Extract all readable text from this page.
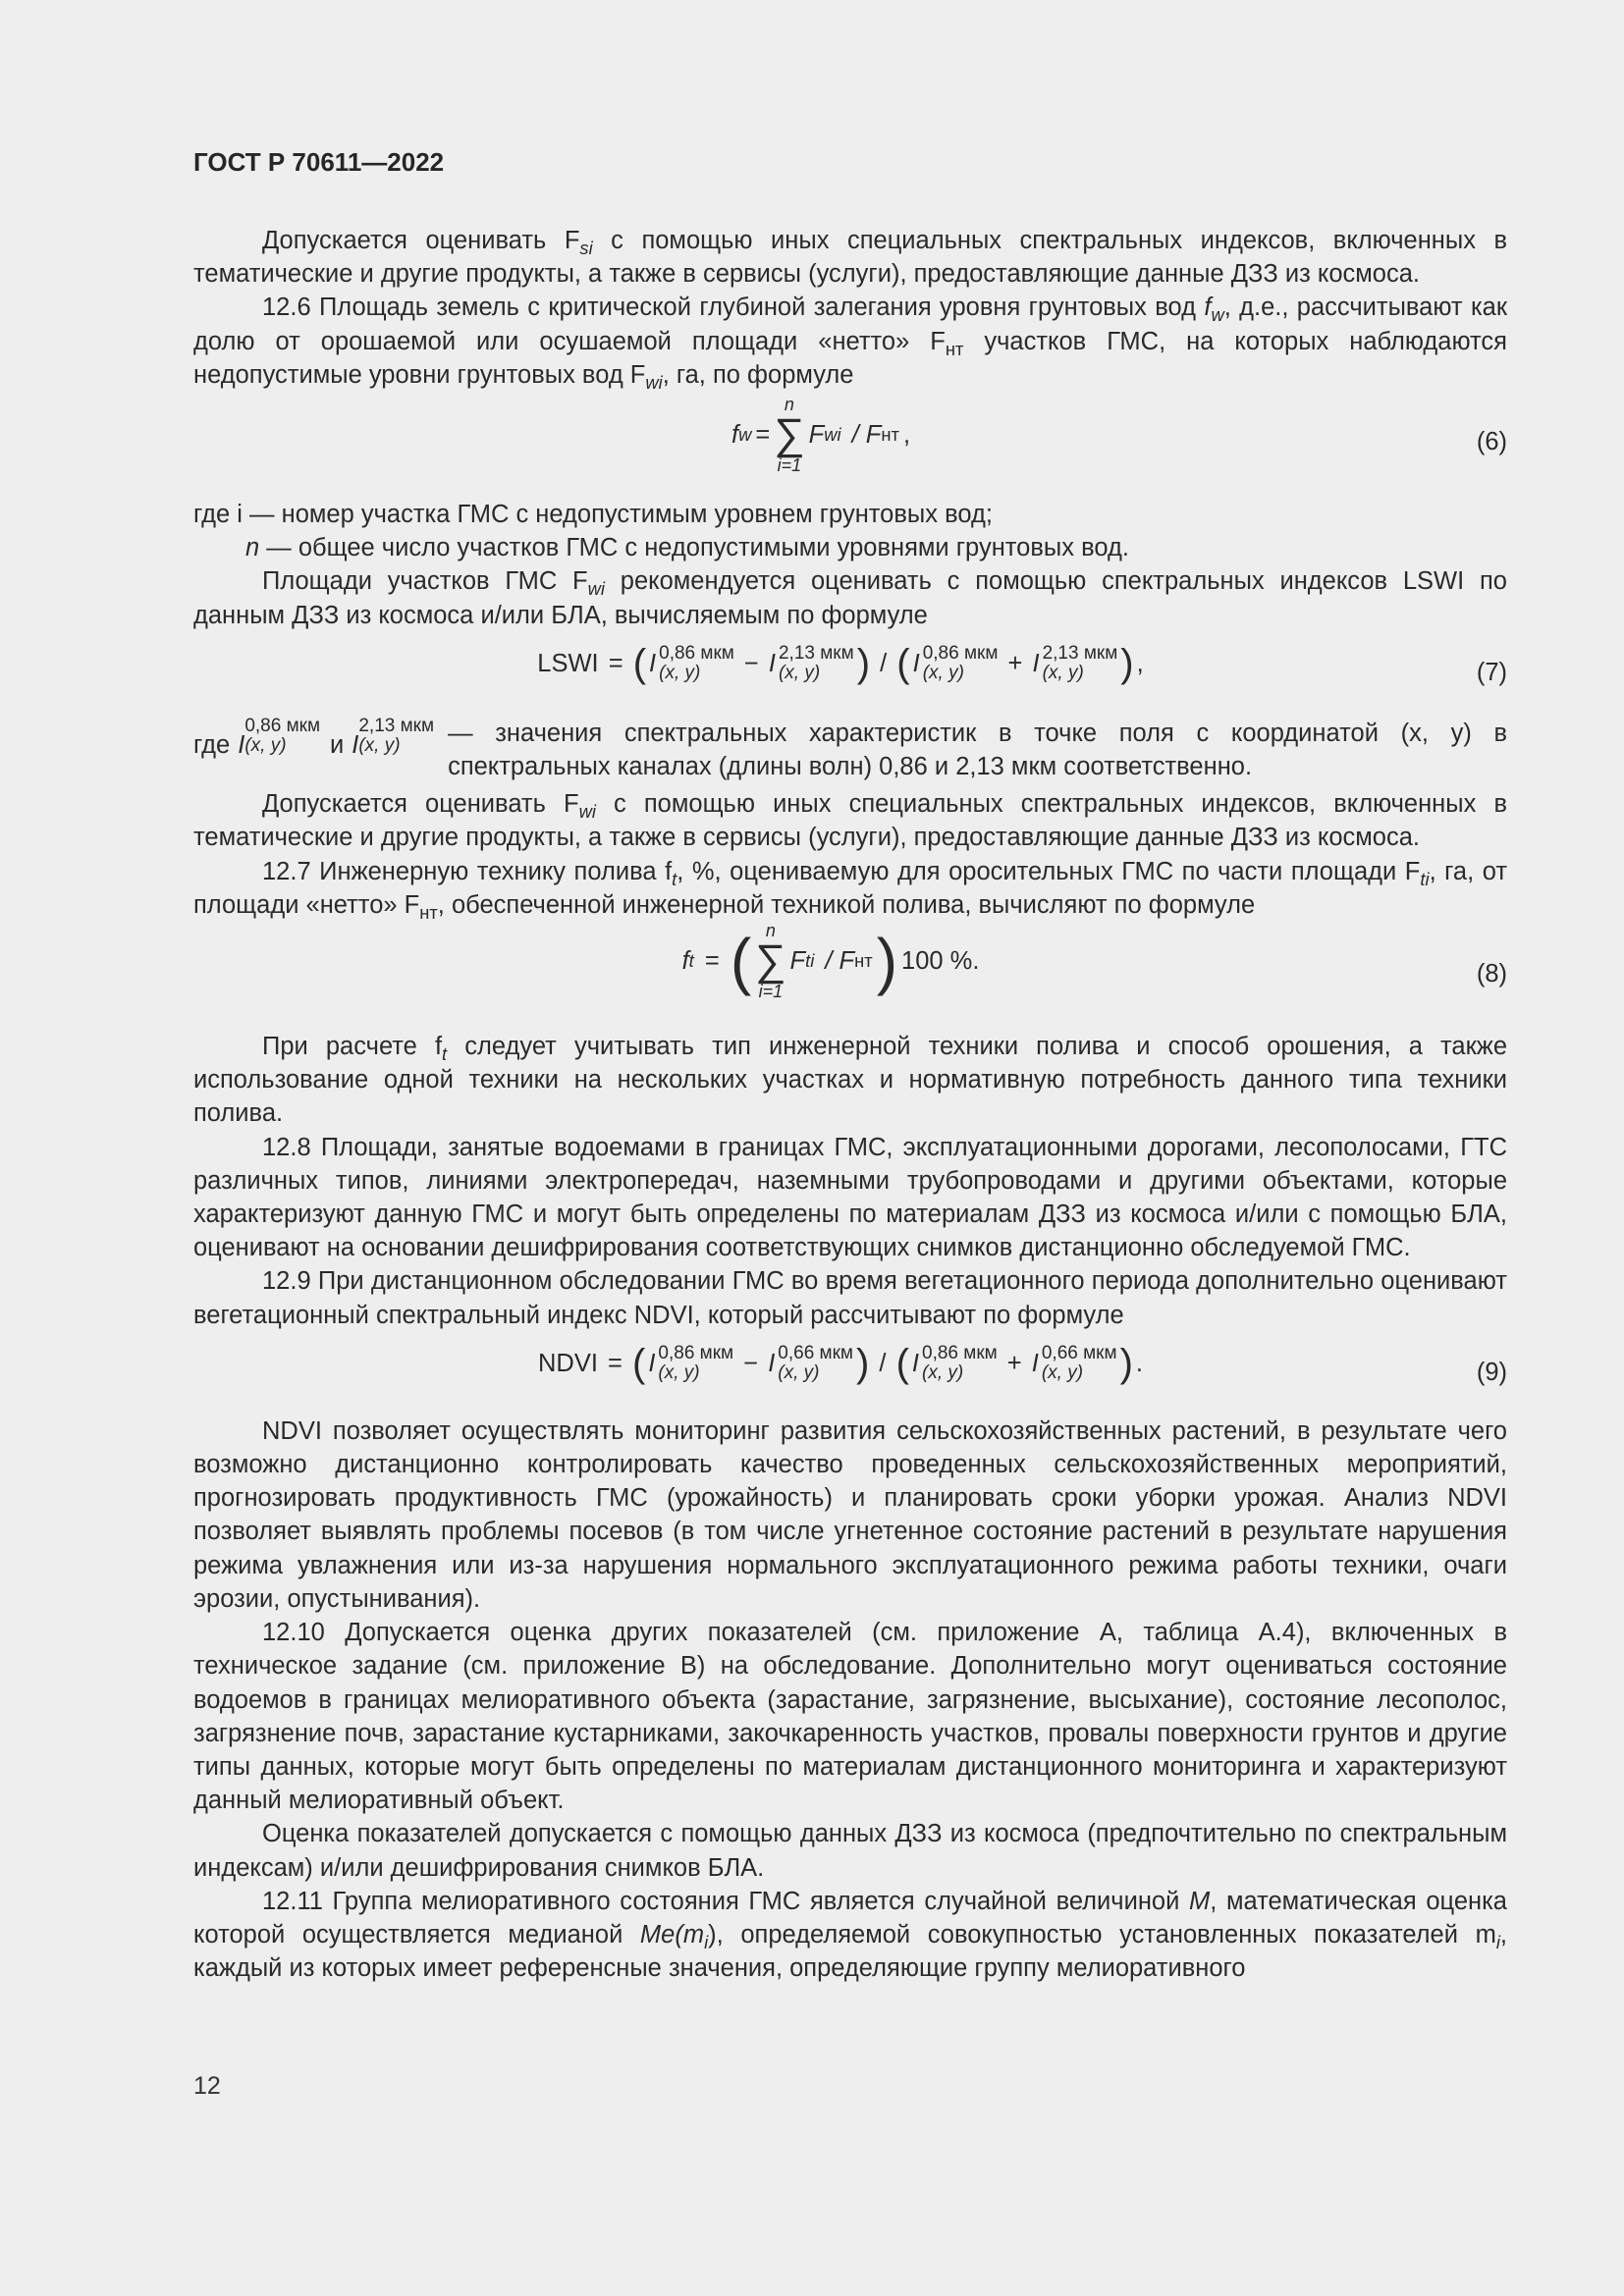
ГОСТ Р 70611—2022

Допускается оценивать $F_{si}$ с помощью иных специальных спектральных индексов, включенных в тематические и другие продукты, а также в сервисы (услуги), предоставляющие данные ДЗЗ из космоса.

12.6 Площадь земель с критической глубиной залегания уровня грунтовых вод $f_w$, д.е., рассчитывают как долю от орошаемой или осушаемой площади «нетто» $F_{нт}$ участков ГМС, на которых наблюдаются недопустимые уровни грунтовых вод $F_{wi}$, га, по формуле

f w =
n
∑
i=1
F wi / F нт ,	(6)
где i — номер участка ГМС с недопустимым уровнем грунтовых вод;
n — общее число участков ГМС с недопустимыми уровнями грунтовых вод.

Площади участков ГМС $F_{wi}$ рекомендуется оценивать с помощью спектральных индексов LSWI по данным ДЗЗ из космоса и/или БЛА, вычисляемым по формуле

LSWI = ( I 0,86 мкм
(x, y)	− I 2,13 мкм
(x, y) ) / ( I 0,86 мкм
(x, y)	+ I 2,13 мкм
(x, y) ) ,	(7)
где I
0,86 мкм
(x, y)	и I
2,13 мкм
(x, y)	— значения спектральных характеристик в точке поля с координатой (x, y) в спектральных каналах (длины волн) 0,86 и 2,13 мкм соответственно.

Допускается оценивать $F_{wi}$ с помощью иных специальных спектральных индексов, включенных в тематические и другие продукты, а также в сервисы (услуги), предоставляющие данные ДЗЗ из космоса.

12.7 Инженерную технику полива $f_t$, %, оцениваемую для оросительных ГМС по части площади $F_{ti}$, га, от площади «нетто» $F_{нт}$, обеспеченной инженерной техникой полива, вычисляют по формуле

f t = ( n
∑
i=1
F ti / F нт ) 100 %.	(8)

При расчете $f_t$ следует учитывать тип инженерной техники полива и способ орошения, а также использование одной техники на нескольких участках и нормативную потребность данного типа техники полива.

12.8 Площади, занятые водоемами в границах ГМС, эксплуатационными дорогами, лесополосами, ГТС различных типов, линиями электропередач, наземными трубопроводами и другими объектами, которые характеризуют данную ГМС и могут быть определены по материалам ДЗЗ из космоса и/или с помощью БЛА, оценивают на основании дешифрирования соответствующих снимков дистанционно обследуемой ГМС.

12.9 При дистанционном обследовании ГМС во время вегетационного периода дополнительно оценивают вегетационный спектральный индекс NDVI, который рассчитывают по формуле

NDVI = ( I 0,86 мкм
(x, y)	− I 0,66 мкм
(x, y) ) / ( I 0,86 мкм
(x, y)	+ I 0,66 мкм
(x, y) ) .	(9)

NDVI позволяет осуществлять мониторинг развития сельскохозяйственных растений, в результате чего возможно дистанционно контролировать качество проведенных сельскохозяйственных мероприятий, прогнозировать продуктивность ГМС (урожайность) и планировать сроки уборки урожая. Анализ NDVI позволяет выявлять проблемы посевов (в том числе угнетенное состояние растений в результате нарушения режима увлажнения или из-за нарушения нормального эксплуатационного режима работы техники, очаги эрозии, опустынивания).

12.10 Допускается оценка других показателей (см. приложение А, таблица А.4), включенных в техническое задание (см. приложение В) на обследование. Дополнительно могут оцениваться состояние водоемов в границах мелиоративного объекта (зарастание, загрязнение, высыхание), состояние лесополос, загрязнение почв, зарастание кустарниками, закочкаренность участков, провалы поверхности грунтов и другие типы данных, которые могут быть определены по материалам дистанционного мониторинга и характеризуют данный мелиоративный объект.

Оценка показателей допускается с помощью данных ДЗЗ из космоса (предпочтительно по спектральным индексам) и/или дешифрирования снимков БЛА.

12.11 Группа мелиоративного состояния ГМС является случайной величиной M, математическая оценка которой осуществляется медианой $Me(m_i)$, определяемой совокупностью установленных показателей $m_i$, каждый из которых имеет референсные значения, определяющие группу мелиоративного

12
